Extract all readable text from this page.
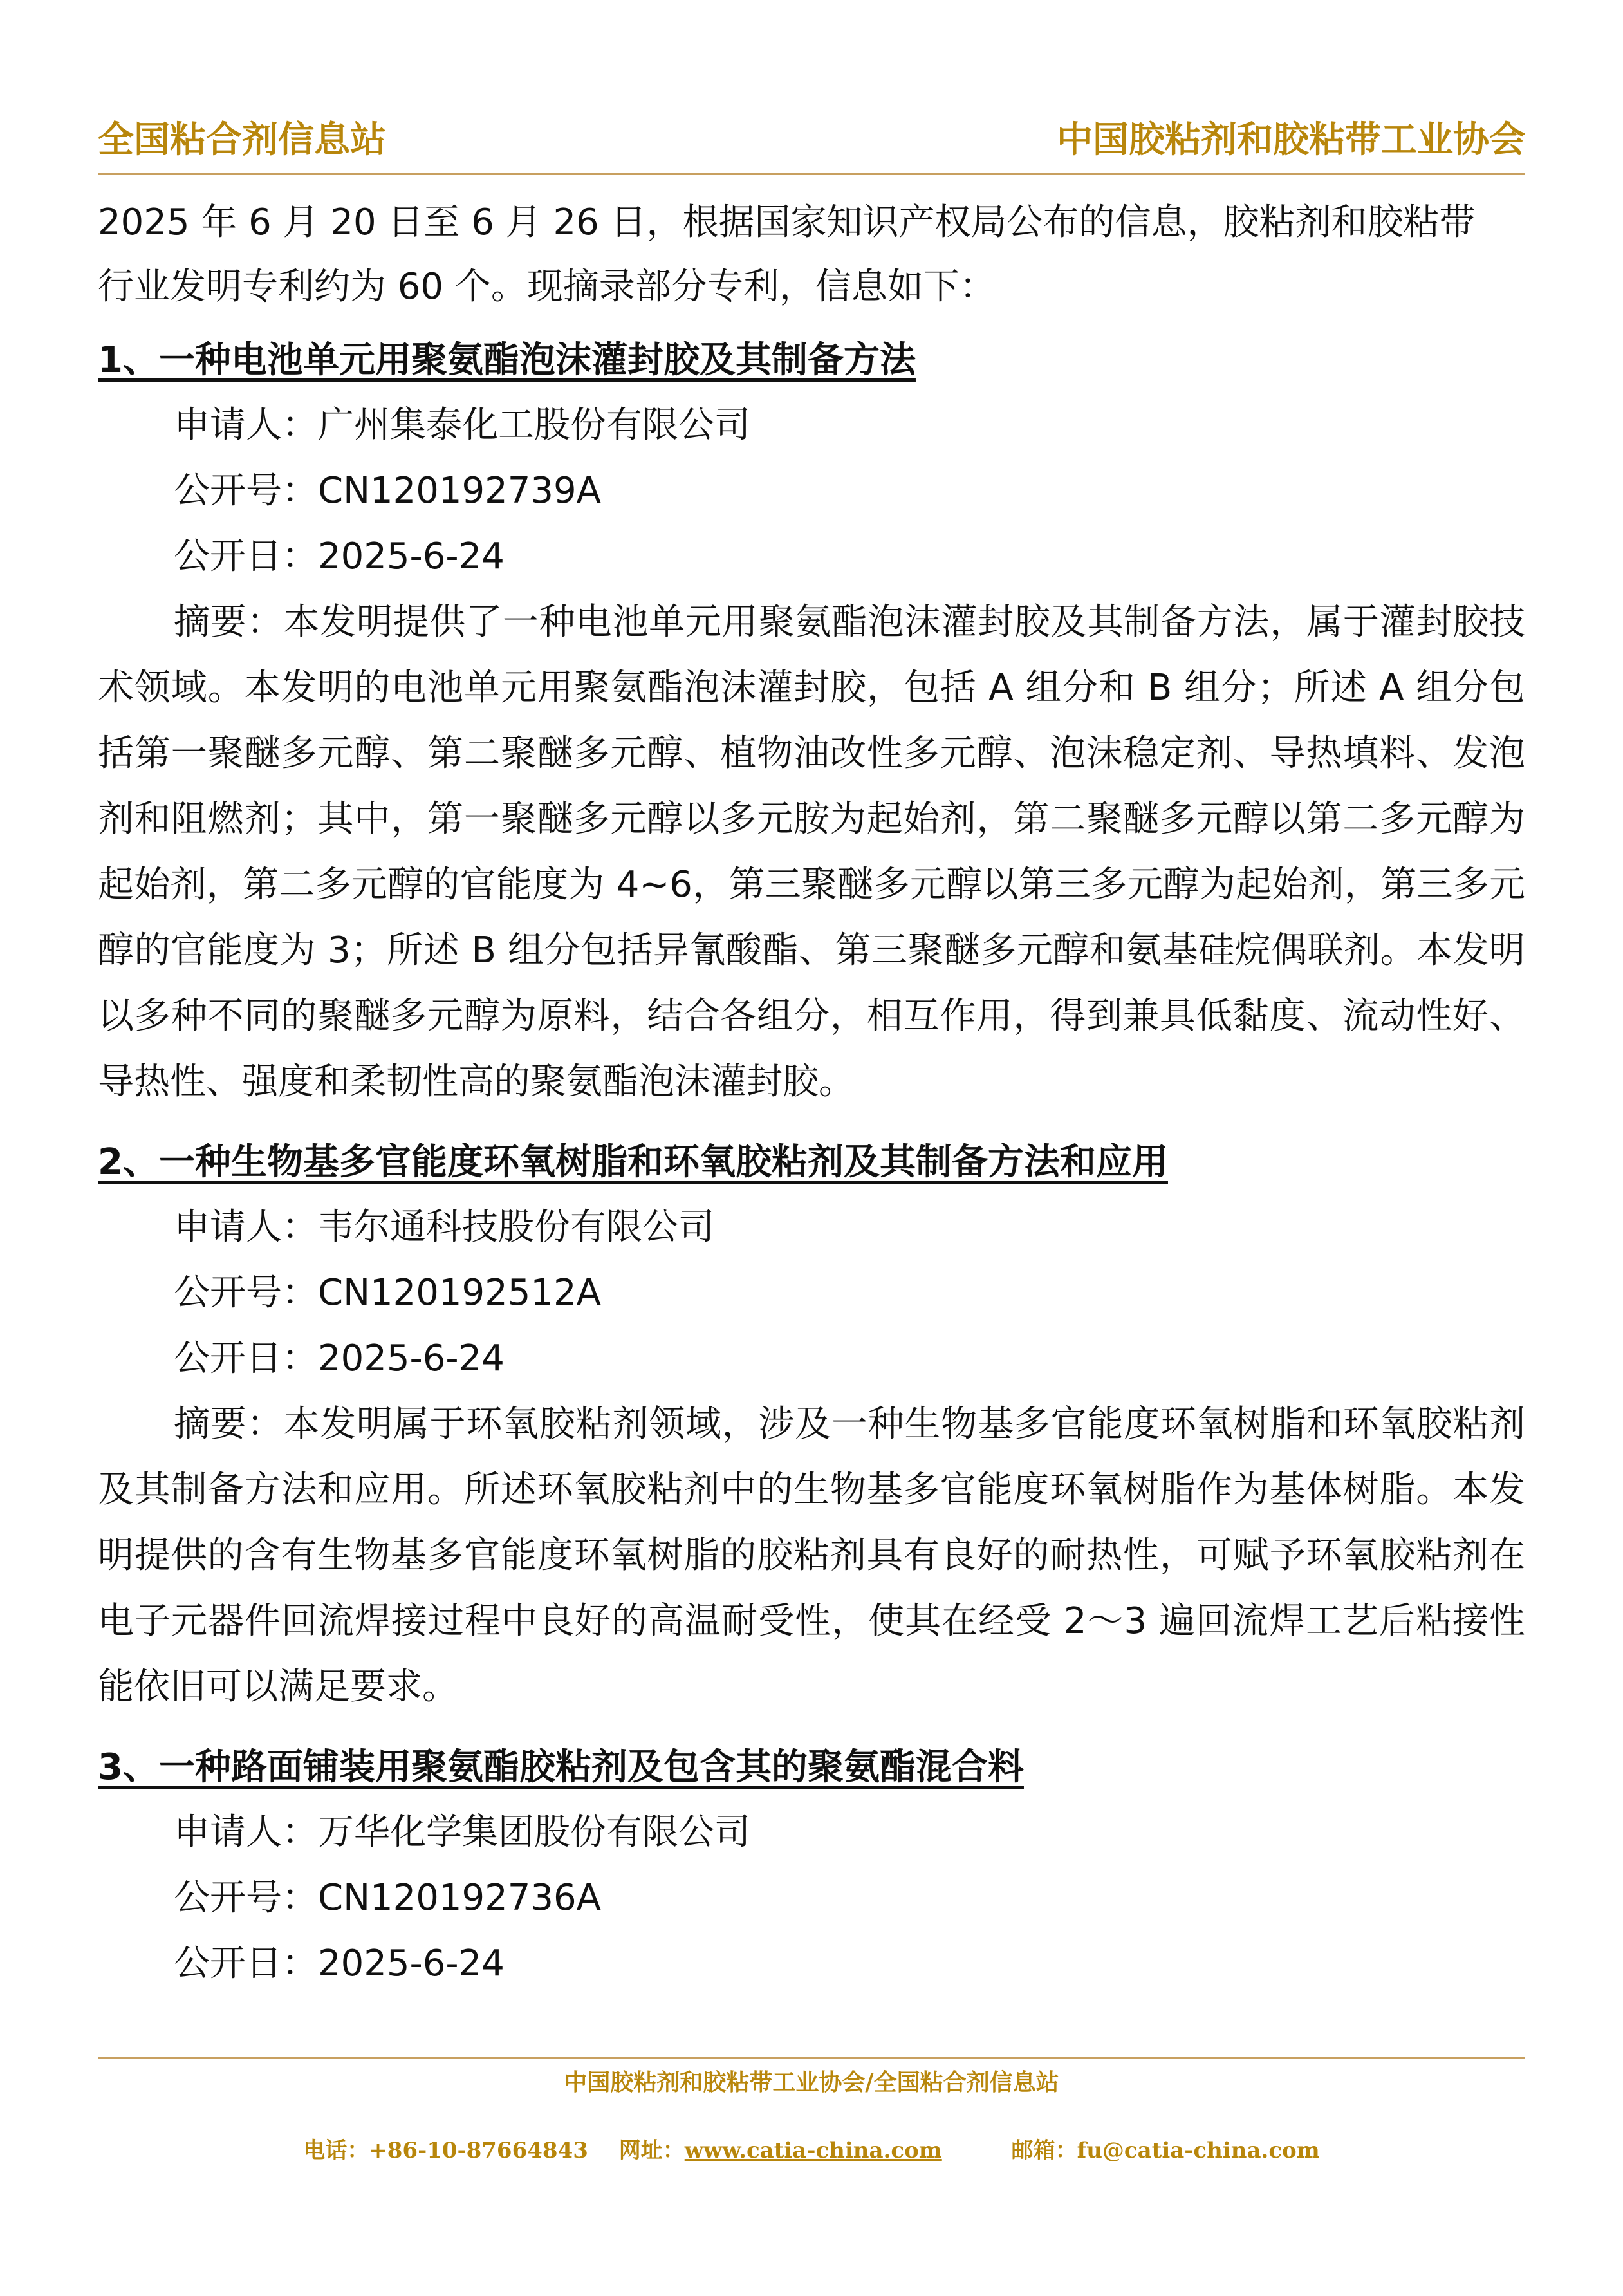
全国粘合剂信息站	中国胶粘剂和胶粘带工业协会

2025 年 6 月 20 日至 6 月 26 日，根据国家知识产权局公布的信息，胶粘剂和胶粘带
行业发明专利约为 60 个。现摘录部分专利，信息如下：

1、一种电池单元用聚氨酯泡沫灌封胶及其制备方法

申请人：广州集泰化工股份有限公司

公开号：CN120192739A

公开日：2025-6-24

摘要：本发明提供了一种电池单元用聚氨酯泡沫灌封胶及其制备方法，属于灌封胶技术领域。本发明的电池单元用聚氨酯泡沫灌封胶，包括 A 组分和 B 组分；所述 A 组分包括第一聚醚多元醇、第二聚醚多元醇、植物油改性多元醇、泡沫稳定剂、导热填料、发泡剂和阻燃剂；其中，第一聚醚多元醇以多元胺为起始剂，第二聚醚多元醇以第二多元醇为起始剂，第二多元醇的官能度为 4~6，第三聚醚多元醇以第三多元醇为起始剂，第三多元醇的官能度为 3；所述 B 组分包括异氰酸酯、第三聚醚多元醇和氨基硅烷偶联剂。本发明以多种不同的聚醚多元醇为原料，结合各组分，相互作用，得到兼具低黏度、流动性好、导热性、强度和柔韧性高的聚氨酯泡沫灌封胶。

2、一种生物基多官能度环氧树脂和环氧胶粘剂及其制备方法和应用

申请人：韦尔通科技股份有限公司

公开号：CN120192512A

公开日：2025-6-24

摘要：本发明属于环氧胶粘剂领域，涉及一种生物基多官能度环氧树脂和环氧胶粘剂及其制备方法和应用。所述环氧胶粘剂中的生物基多官能度环氧树脂作为基体树脂。本发明提供的含有生物基多官能度环氧树脂的胶粘剂具有良好的耐热性，可赋予环氧胶粘剂在电子元器件回流焊接过程中良好的高温耐受性，使其在经受 2～3 遍回流焊工艺后粘接性能依旧可以满足要求。

3、一种路面铺装用聚氨酯胶粘剂及包含其的聚氨酯混合料

申请人：万华化学集团股份有限公司

公开号：CN120192736A

公开日：2025-6-24

中国胶粘剂和胶粘带工业协会/全国粘合剂信息站
电话：+86-10-87664843 网址：www.catia-china.com	邮箱：fu@catia-china.com
